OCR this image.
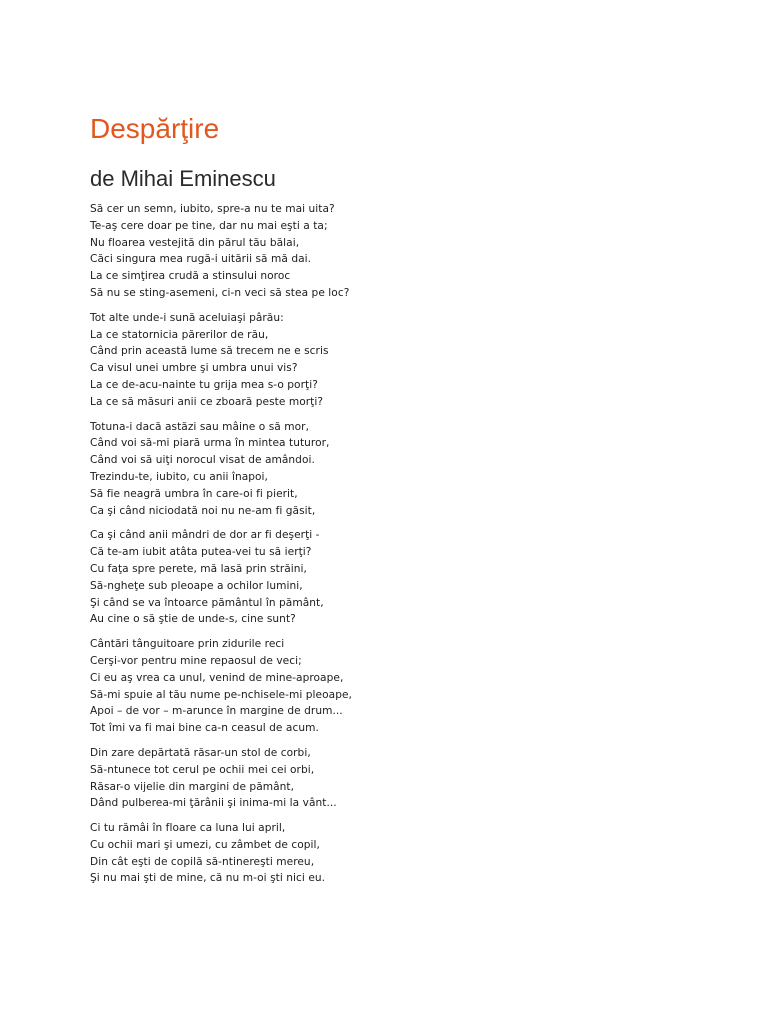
Despărţire
de Mihai Eminescu
Să cer un semn, iubito, spre-a nu te mai uita?
Te-aş cere doar pe tine, dar nu mai eşti a ta;
Nu floarea vestejită din părul tău bălai,
Căci singura mea rugă-i uitării să mă dai.
La ce simţirea crudă a stinsului noroc
Să nu se sting-asemeni, ci-n veci să stea pe loc?
Tot alte unde-i sună aceluiaşi pârău:
La ce statornicia părerilor de rău,
Când prin această lume să trecem ne e scris
Ca visul unei umbre şi umbra unui vis?
La ce de-acu-nainte tu grija mea s-o porţi?
La ce să măsuri anii ce zboară peste morţi?
Totuna-i dacă astăzi sau mâine o să mor,
Când voi să-mi piară urma în mintea tuturor,
Când voi să uiţi norocul visat de amândoi.
Trezindu-te, iubito, cu anii înapoi,
Să fie neagră umbra în care-oi fi pierit,
Ca şi când niciodată noi nu ne-am fi găsit,
Ca şi când anii mândri de dor ar fi deşerţi -
Că te-am iubit atâta putea-vei tu să ierţi?
Cu faţa spre perete, mă lasă prin străini,
Să-ngheţe sub pleoape a ochilor lumini,
Şi când se va întoarce pământul în pământ,
Au cine o să ştie de unde-s, cine sunt?
Cântări tânguitoare prin zidurile reci
Cerşi-vor pentru mine repaosul de veci;
Ci eu aş vrea ca unul, venind de mine-aproape,
Să-mi spuie al tău nume pe-nchisele-mi pleoape,
Apoi – de vor – m-arunce în margine de drum...
Tot îmi va fi mai bine ca-n ceasul de acum.
Din zare depărtată răsar-un stol de corbi,
Să-ntunece tot cerul pe ochii mei cei orbi,
Răsar-o vijelie din margini de pământ,
Dând pulberea-mi ţărânii şi inima-mi la vânt...
Ci tu rămâi în floare ca luna lui april,
Cu ochii mari şi umezi, cu zâmbet de copil,
Din cât eşti de copilă să-ntinereşti mereu,
Şi nu mai şti de mine, că nu m-oi şti nici eu.
